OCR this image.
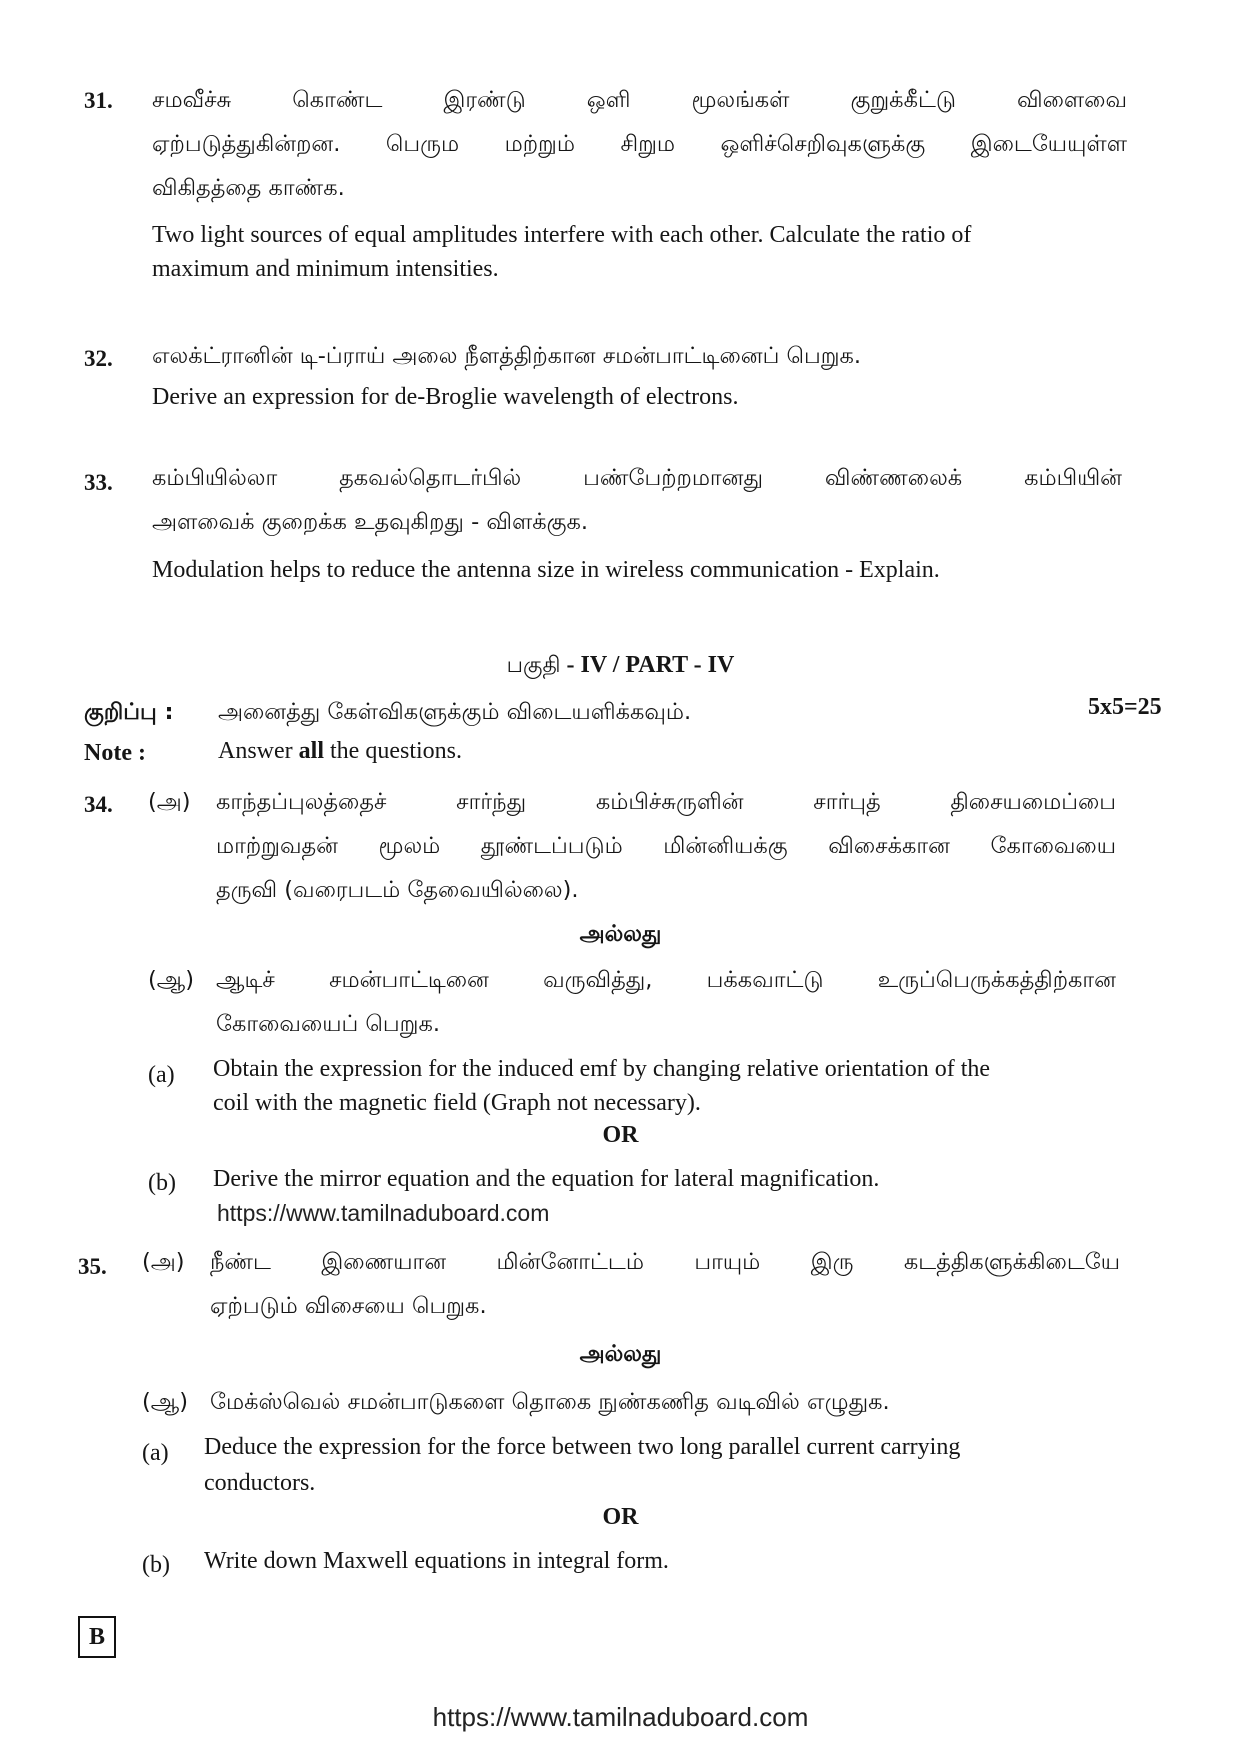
31. சமவீச்சு கொண்ட இரண்டு ஒளி மூலங்கள் குறுக்கீட்டு விளைவை
ஏற்படுத்துகின்றன. பெரும மற்றும் சிறும ஒளிச்செறிவுகளுக்கு இடையேயுள்ள
விகிதத்தை காண்க.
Two light sources of equal amplitudes interfere with each other. Calculate the ratio of
maximum and minimum intensities.
32. எலக்ட்ரானின் டி-ப்ராய் அலை நீளத்திற்கான சமன்பாட்டினைப் பெறுக.
Derive an expression for de-Broglie wavelength of electrons.
33. கம்பியில்லா தகவல்தொடர்பில் பண்பேற்றமானது விண்ணலைக் கம்பியின்
அளவைக் குறைக்க உதவுகிறது - விளக்குக.
Modulation helps to reduce the antenna size in wireless communication - Explain.
பகுதி - IV / PART - IV
குறிப்பு : அனைத்து கேள்விகளுக்கும் விடையளிக்கவும்.	5x5=25
Note :	Answer all the questions.
34. (அ) காந்தப்புலத்தைச் சார்ந்து கம்பிச்சுருளின் சார்புத் திசையமைப்பை
மாற்றுவதன் மூலம் தூண்டப்படும் மின்னியக்கு விசைக்கான கோவையை
தருவி (வரைபடம் தேவையில்லை).
அல்லது
(ஆ) ஆடிச் சமன்பாட்டினை வருவித்து, பக்கவாட்டு உருப்பெருக்கத்திற்கான
கோவையைப் பெறுக.
(a) Obtain the expression for the induced emf by changing relative orientation of the
coil with the magnetic field (Graph not necessary).
OR
(b) Derive the mirror equation and the equation for lateral magnification.
https://www.tamilnaduboard.com
35. (அ) நீண்ட இணையான மின்னோட்டம் பாயும் இரு கடத்திகளுக்கிடையே
ஏற்படும் விசையை பெறுக.
அல்லது
(ஆ) மேக்ஸ்வெல் சமன்பாடுகளை தொகை நுண்கணித வடிவில் எழுதுக.
(a) Deduce the expression for the force between two long parallel current carrying
conductors.
OR
(b) Write down Maxwell equations in integral form.
B
https://www.tamilnaduboard.com
